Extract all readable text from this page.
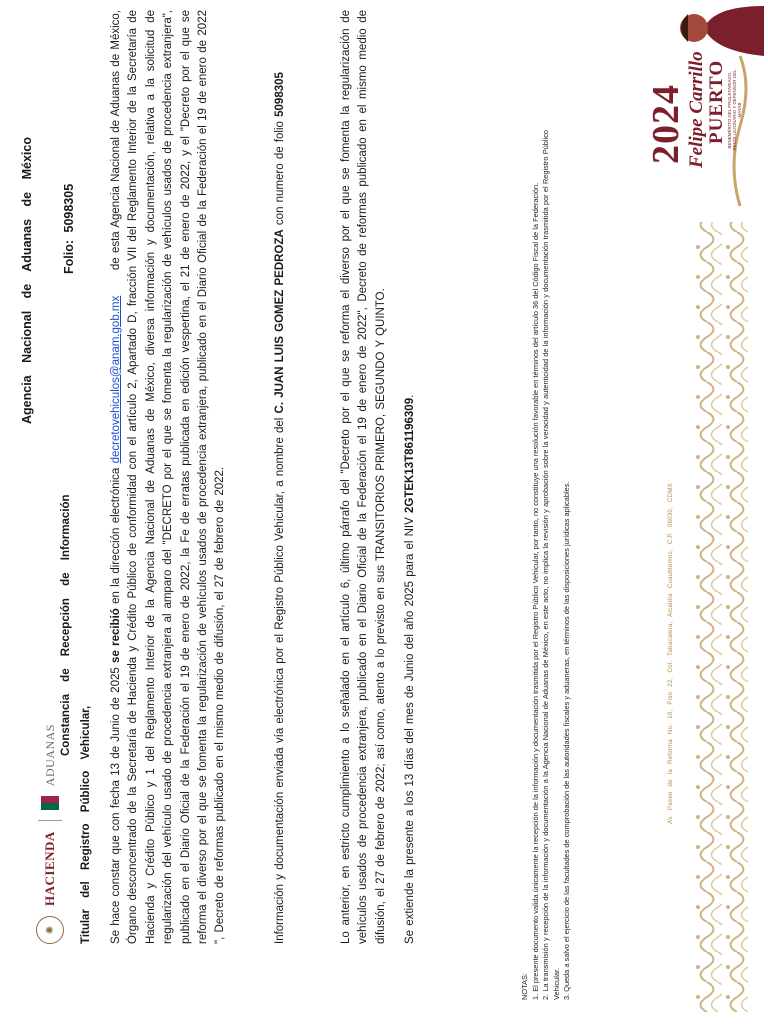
✺
HACIENDA
ADUANAS
Agencia Nacional de Aduanas de México Folio: 5098305
Constancia de Recepción de Información
Titular del Registro Público Vehicular, Se hace constar que con fecha 13 de Junio de 2025 se recibió en la dirección electrónica decretovehiculos@anam.gob.mx      de esta Agencia Nacional de Aduanas de México, Órgano desconcentrado de la Secretaría de Hacienda y Crédito Público de conformidad con el artículo 2, Apartado D, fracción VII del Reglamento Interior de la Secretaría de Hacienda y Crédito Público y 1 del Reglamento Interior de la Agencia Nacional de Aduanas de México, diversa información y documentación, relativa a la solicitud de regularización del vehículo usado de procedencia extranjera al amparo del "DECRETO por el que se fomenta la regularización de vehículos usados de procedencia extranjera", publicado en el Diario Oficial de la Federación el 19 de enero de 2022, la Fe de erratas publicada en edición vespertina, el 21 de enero de 2022, y el "Decreto por el que se reforma el diverso por el que se fomenta la regularización de vehículos usados de procedencia extranjera, publicado en el Diario Oficial de la Federación el 19 de enero de 2022 ", Decreto de reformas publicado en el mismo medio de difusión, el 27 de febrero de 2022.	Información y documentación enviada vía electrónica por el Registro Público Vehicular, a nombre del C. JUAN LUIS GOMEZ PEDROZA con numero de folio 5098305	Lo anterior, en estricto cumplimiento a lo señalado en el artículo 6, último párrafo del "Decreto por el que se reforma el diverso por el que se fomenta la regularización de vehículos usados de procedencia extranjera, publicado en el Diario Oficial de la Federación el 19 de enero de 2022", Decreto de reformas publicado en el mismo medio de difusión, el 27 de febrero de 2022; así como, atento a lo previsto en sus TRANSITORIOS PRIMERO, SEGUNDO Y QUINTO. Se extiende la presente a los 13 días del mes de Junio del año 2025 para el NIV 2GTEK13T861196309.
NOTAS: 1. El presente documento valida únicamente la recepción de la información y documentación trasmitida por el Registro Público Vehicular, por tanto, no constituye una resolución favorable en términos del artículo 36 del Código Fiscal de la Federación. 2. La transmisión y recepción de la información y documentación a la Agencia Nacional de Aduanas de México, en este acto, no implica la revisión y aprobación sobre la veracidad y autenticidad de la información y documentación trasmitida por el Registro Público Vehicular. 3. Queda a salvo el ejercicio de las facultades de comprobación de las autoridades fiscales y aduaneras, en términos de las disposiciones jurídicas aplicables.	Av. Paseo de la Reforma No. 10, Piso 22, Col. Tabacalera, Alcaldía Cuauhtémoc, C.P. 06030, CDMX
2024 Felipe Carrillo PUERTO BENEMÉRITO DEL PROLETARIADO, REVOLUCIONARIO Y DEFENSOR DEL MAYAB
